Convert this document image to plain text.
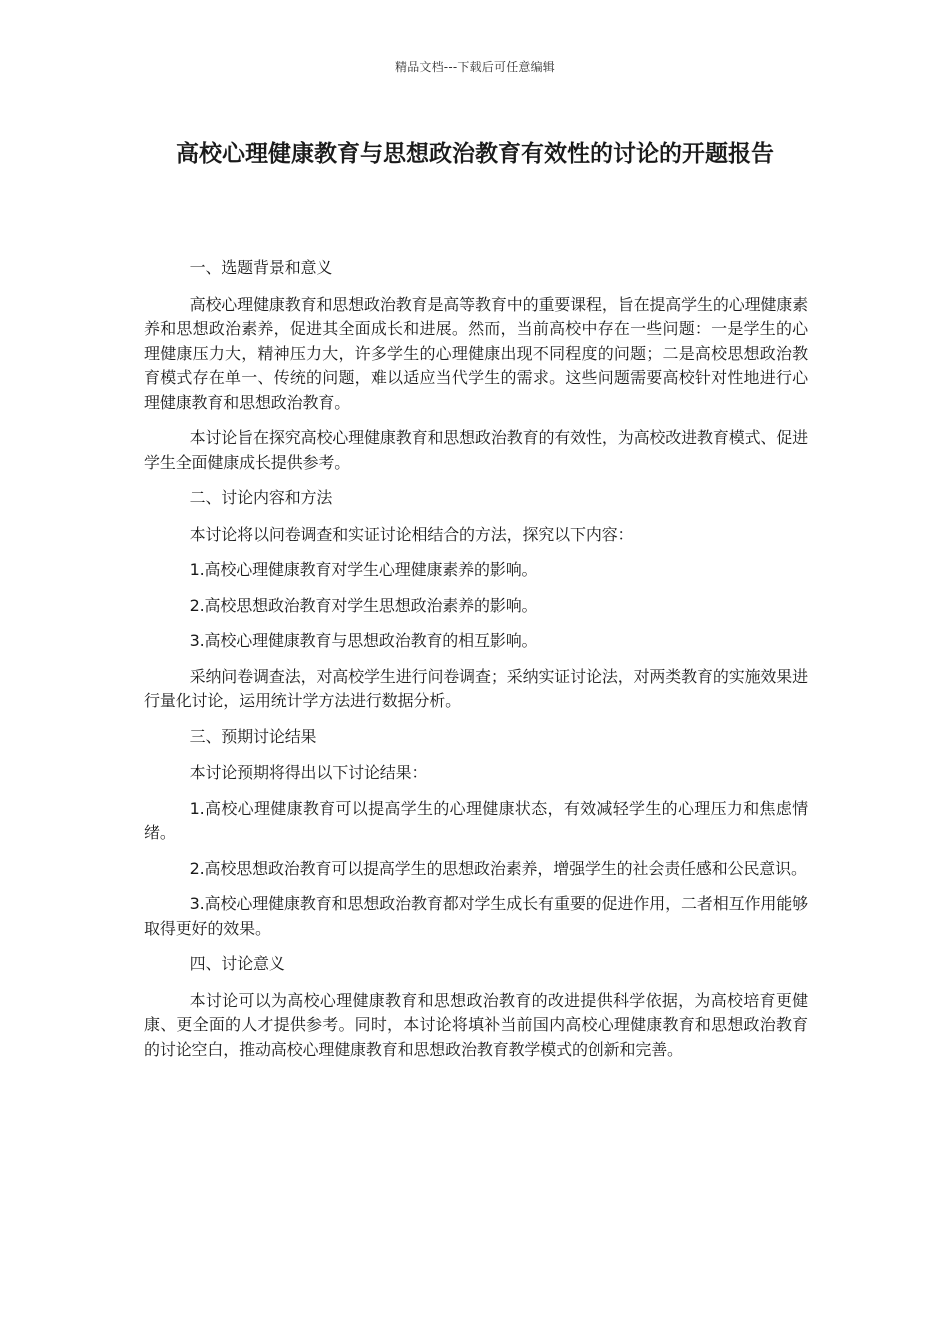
精品文档---下载后可任意编辑
高校心理健康教育与思想政治教育有效性的讨论的开题报告

一、选题背景和意义

高校心理健康教育和思想政治教育是高等教育中的重要课程，旨在提高学生的心理健康素养和思想政治素养，促进其全面成长和进展。然而，当前高校中存在一些问题：一是学生的心理健康压力大，精神压力大，许多学生的心理健康出现不同程度的问题；二是高校思想政治教育模式存在单一、传统的问题，难以适应当代学生的需求。这些问题需要高校针对性地进行心理健康教育和思想政治教育。

本讨论旨在探究高校心理健康教育和思想政治教育的有效性，为高校改进教育模式、促进学生全面健康成长提供参考。

二、讨论内容和方法

本讨论将以问卷调查和实证讨论相结合的方法，探究以下内容：

1.高校心理健康教育对学生心理健康素养的影响。

2.高校思想政治教育对学生思想政治素养的影响。

3.高校心理健康教育与思想政治教育的相互影响。

采纳问卷调查法，对高校学生进行问卷调查；采纳实证讨论法，对两类教育的实施效果进行量化讨论，运用统计学方法进行数据分析。

三、预期讨论结果

本讨论预期将得出以下讨论结果：

1.高校心理健康教育可以提高学生的心理健康状态，有效减轻学生的心理压力和焦虑情绪。

2.高校思想政治教育可以提高学生的思想政治素养，增强学生的社会责任感和公民意识。

3.高校心理健康教育和思想政治教育都对学生成长有重要的促进作用，二者相互作用能够取得更好的效果。

四、讨论意义

本讨论可以为高校心理健康教育和思想政治教育的改进提供科学依据，为高校培育更健康、更全面的人才提供参考。同时，本讨论将填补当前国内高校心理健康教育和思想政治教育的讨论空白，推动高校心理健康教育和思想政治教育教学模式的创新和完善。
